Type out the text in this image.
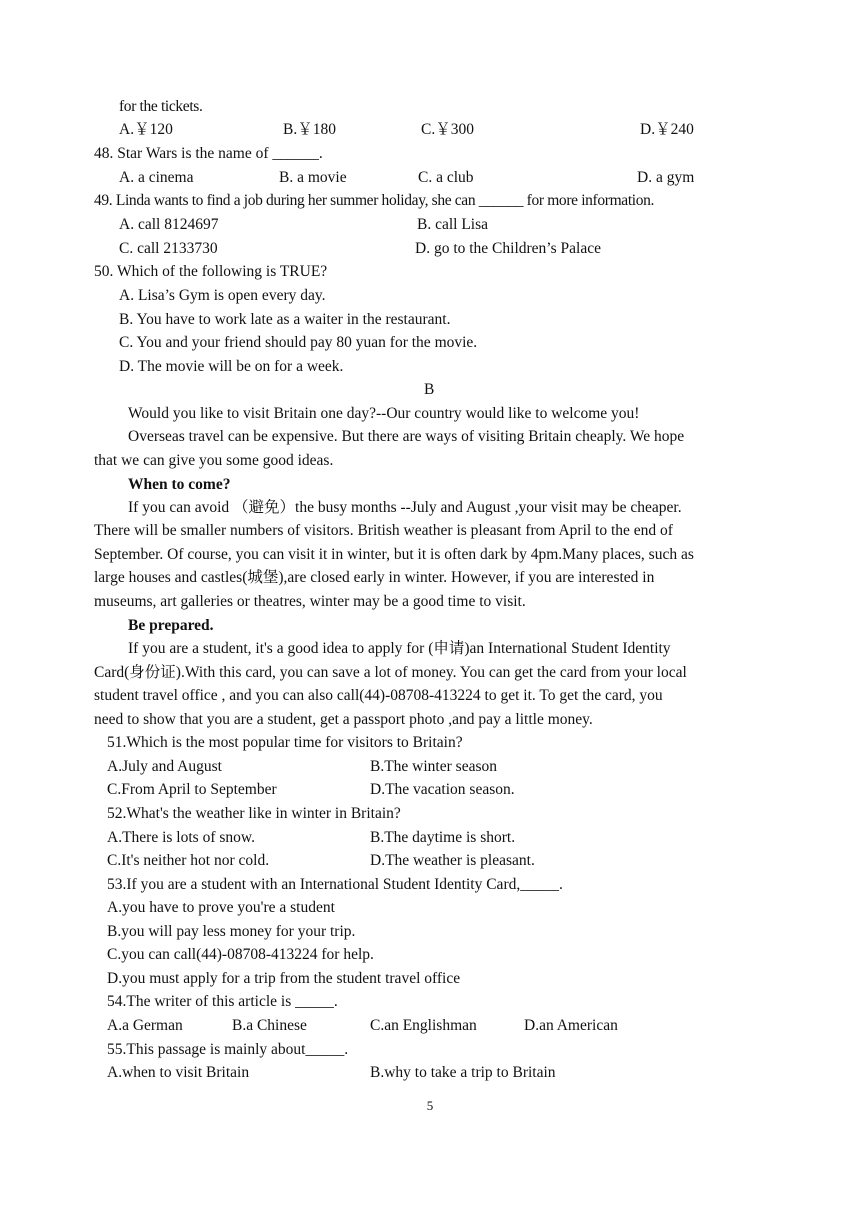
for the tickets.
A.￥120	B.￥180	C.￥300	D.￥240
48. Star Wars is the name of ______.
A. a cinema	B. a movie	C. a club	D. a gym
49. Linda wants to find a job during her summer holiday, she can ______ for more information.
A. call 8124697	B. call Lisa
C. call 2133730	D. go to the Children’s Palace
50. Which of the following is TRUE?
A. Lisa’s Gym is open every day.
B. You have to work late as a waiter in the restaurant.
C. You and your friend should pay 80 yuan for the movie.
D. The movie will be on for a week.
B
Would you like to visit Britain one day?--Our country would like to welcome you!
Overseas travel can be expensive. But there are ways of visiting Britain cheaply. We hope
that we can give you some good ideas.
When to come?
If you can avoid （避免）the busy months --July and August ,your visit may be cheaper.
There will be smaller numbers of visitors. British weather is pleasant from April to the end of
September. Of course, you can visit it in winter, but it is often dark by 4pm.Many places, such as
large houses and castles(城堡),are closed early in winter. However, if you are interested in
museums, art galleries or theatres, winter may be a good time to visit.
Be prepared.
If you are a student, it's a good idea to apply for (申请)an International Student Identity
Card(身份证).With this card, you can save a lot of money. You can get the card from your local
student travel office , and you can also call(44)-08708-413224 to get it. To get the card, you
need to show that you are a student, get a passport photo ,and pay a little money.
51.Which is the most popular time for visitors to Britain?
A.July and August	B.The winter season
C.From April to September	D.The vacation season.
52.What's the weather like in winter in Britain?
A.There is lots of snow.	B.The daytime is short.
C.It's neither hot nor cold.	D.The weather is pleasant.
53.If you are a student with an International Student Identity Card,_____.
A.you have to prove you're a student
B.you will pay less money for your trip.
C.you can call(44)-08708-413224 for help.
D.you must apply for a trip from the student travel office
54.The writer of this article is _____.
A.a German	B.a Chinese	C.an Englishman	D.an American
55.This passage is mainly about_____.
A.when to visit Britain	B.why to take a trip to Britain
5
